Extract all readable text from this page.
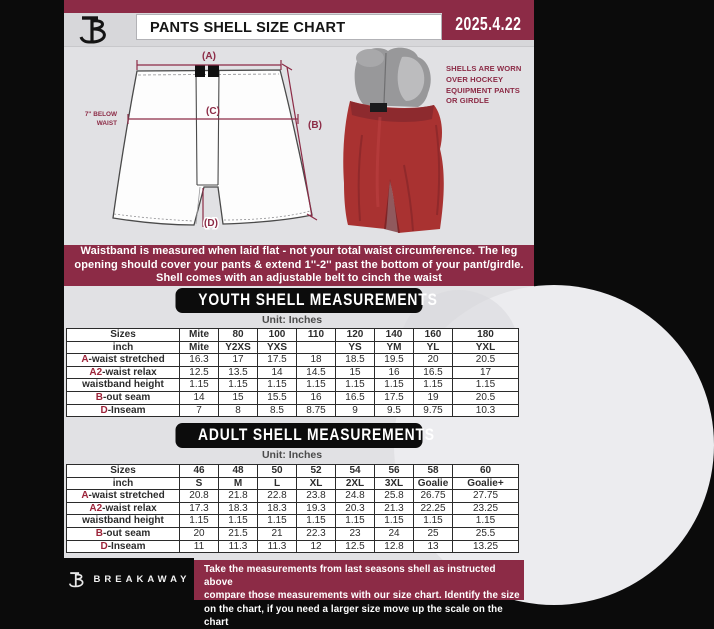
PANTS SHELL SIZE CHART	2025.4.22
(A)
(C)
(B)
(D)
7'' BELOW
WAIST
SHELLS ARE WORN
OVER HOCKEY
EQUIPMENT PANTS
OR GIRDLE
Waistband is measured when laid flat - not your total waist circumference. The leg
opening should cover your pants & extend 1''-2'' past the bottom of your pant/girdle.
Shell comes with an adjustable belt to cinch the waist
YOUTH SHELL MEASUREMENTS
Unit: Inches
Sizes	Mite	80	100	110	120	140	160	180
inch	Mite	Y2XS	YXS		YS	YM	YL	YXL
A-waist stretched	16.3	17	17.5	18	18.5	19.5	20	20.5
A2-waist relax	12.5	13.5	14	14.5	15	16	16.5	17
waistband height	1.15	1.15	1.15	1.15	1.15	1.15	1.15	1.15
B-out seam	14	15	15.5	16	16.5	17.5	19	20.5
D-Inseam	7	8	8.5	8.75	9	9.5	9.75	10.3
ADULT SHELL MEASUREMENTS
Unit: Inches
Sizes	46	48	50	52	54	56	58	60
inch	S	M	L	XL	2XL	3XL	Goalie	Goalie+
A-waist stretched	20.8	21.8	22.8	23.8	24.8	25.8	26.75	27.75
A2-waist relax	17.3	18.3	18.3	19.3	20.3	21.3	22.25	23.25
waistband height	1.15	1.15	1.15	1.15	1.15	1.15	1.15	1.15
B-out seam	20	21.5	21	22.3	23	24	25	25.5
D-Inseam	11	11.3	11.3	12	12.5	12.8	13	13.25
BREAKAWAY
Take the measurements from last seasons shell as instructed above
compare those measurements with our size chart. Identify the size
on the chart, if you need a larger size move up the scale on the chart
